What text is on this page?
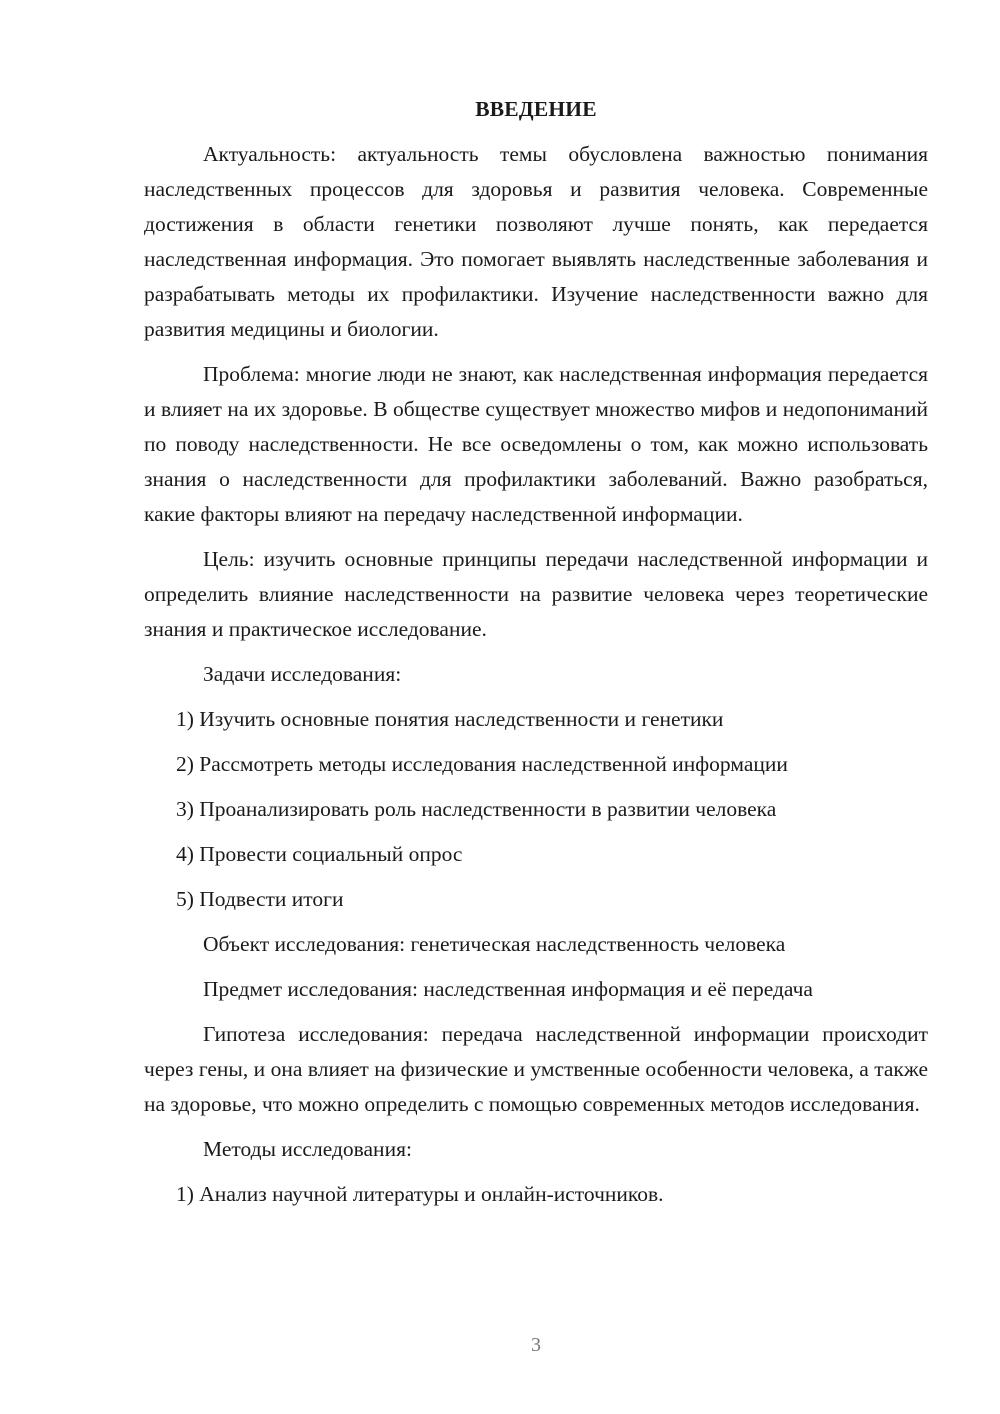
ВВЕДЕНИЕ
Актуальность: актуальность темы обусловлена важностью понимания наследственных процессов для здоровья и развития человека. Современные достижения в области генетики позволяют лучше понять, как передается наследственная информация. Это помогает выявлять наследственные заболевания и разрабатывать методы их профилактики. Изучение наследственности важно для развития медицины и биологии.
Проблема: многие люди не знают, как наследственная информация передается и влияет на их здоровье. В обществе существует множество мифов и недопониманий по поводу наследственности. Не все осведомлены о том, как можно использовать знания о наследственности для профилактики заболеваний. Важно разобраться, какие факторы влияют на передачу наследственной информации.
Цель: изучить основные принципы передачи наследственной информации и определить влияние наследственности на развитие человека через теоретические знания и практическое исследование.
Задачи исследования:
1) Изучить основные понятия наследственности и генетики
2) Рассмотреть методы исследования наследственной информации
3) Проанализировать роль наследственности в развитии человека
4) Провести социальный опрос
5) Подвести итоги
Объект исследования: генетическая наследственность человека
Предмет исследования: наследственная информация и её передача
Гипотеза исследования: передача наследственной информации происходит через гены, и она влияет на физические и умственные особенности человека, а также на здоровье, что можно определить с помощью современных методов исследования.
Методы исследования:
1) Анализ научной литературы и онлайн-источников.
3
